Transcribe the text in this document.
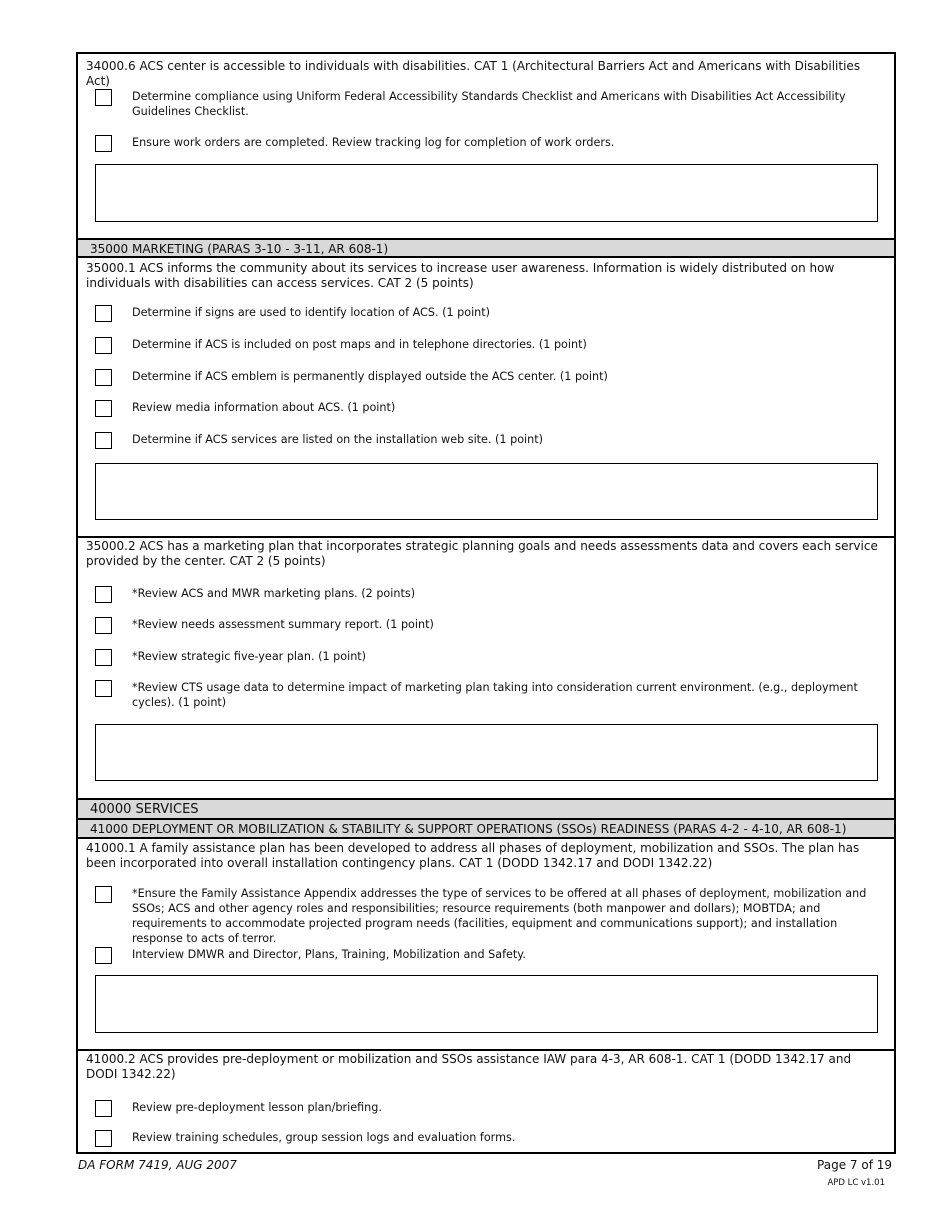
34000.6 ACS center is accessible to individuals with disabilities. CAT 1 (Architectural Barriers Act and Americans with Disabilities Act)
Determine compliance using Uniform Federal Accessibility Standards Checklist and Americans with Disabilities Act Accessibility Guidelines Checklist.
Ensure work orders are completed. Review tracking log for completion of work orders.
35000 MARKETING (PARAS 3-10 - 3-11, AR 608-1)
35000.1 ACS informs the community about its services to increase user awareness. Information is widely distributed on how individuals with disabilities can access services. CAT 2 (5 points)
Determine if signs are used to identify location of ACS. (1 point)
Determine if ACS is included on post maps and in telephone directories. (1 point)
Determine if ACS emblem is permanently displayed outside the ACS center. (1 point)
Review media information about ACS. (1 point)
Determine if ACS services are listed on the installation web site. (1 point)
35000.2 ACS has a marketing plan that incorporates strategic planning goals and needs assessments data and covers each service provided by the center. CAT 2 (5 points)
*Review ACS and MWR marketing plans. (2 points)
*Review needs assessment summary report. (1 point)
*Review strategic five-year plan. (1 point)
*Review CTS usage data to determine impact of marketing plan taking into consideration current environment. (e.g., deployment cycles). (1 point)
40000 SERVICES
41000 DEPLOYMENT OR MOBILIZATION & STABILITY & SUPPORT OPERATIONS (SSOs) READINESS (PARAS 4-2 - 4-10, AR 608-1)
41000.1 A family assistance plan has been developed to address all phases of deployment, mobilization and SSOs. The plan has been incorporated into overall installation contingency plans. CAT 1 (DODD 1342.17 and DODI 1342.22)
*Ensure the Family Assistance Appendix addresses the type of services to be offered at all phases of deployment, mobilization and SSOs; ACS and other agency roles and responsibilities; resource requirements (both manpower and dollars); MOBTDA; and requirements to accommodate projected program needs (facilities, equipment and communications support); and installation response to acts of terror.
Interview DMWR and Director, Plans, Training, Mobilization and Safety.
41000.2 ACS provides pre-deployment or mobilization and SSOs assistance IAW para 4-3, AR 608-1. CAT 1 (DODD 1342.17 and DODI 1342.22)
Review pre-deployment lesson plan/briefing.
Review training schedules, group session logs and evaluation forms.
DA FORM 7419, AUG 2007	Page 7 of 19
APD LC v1.01
